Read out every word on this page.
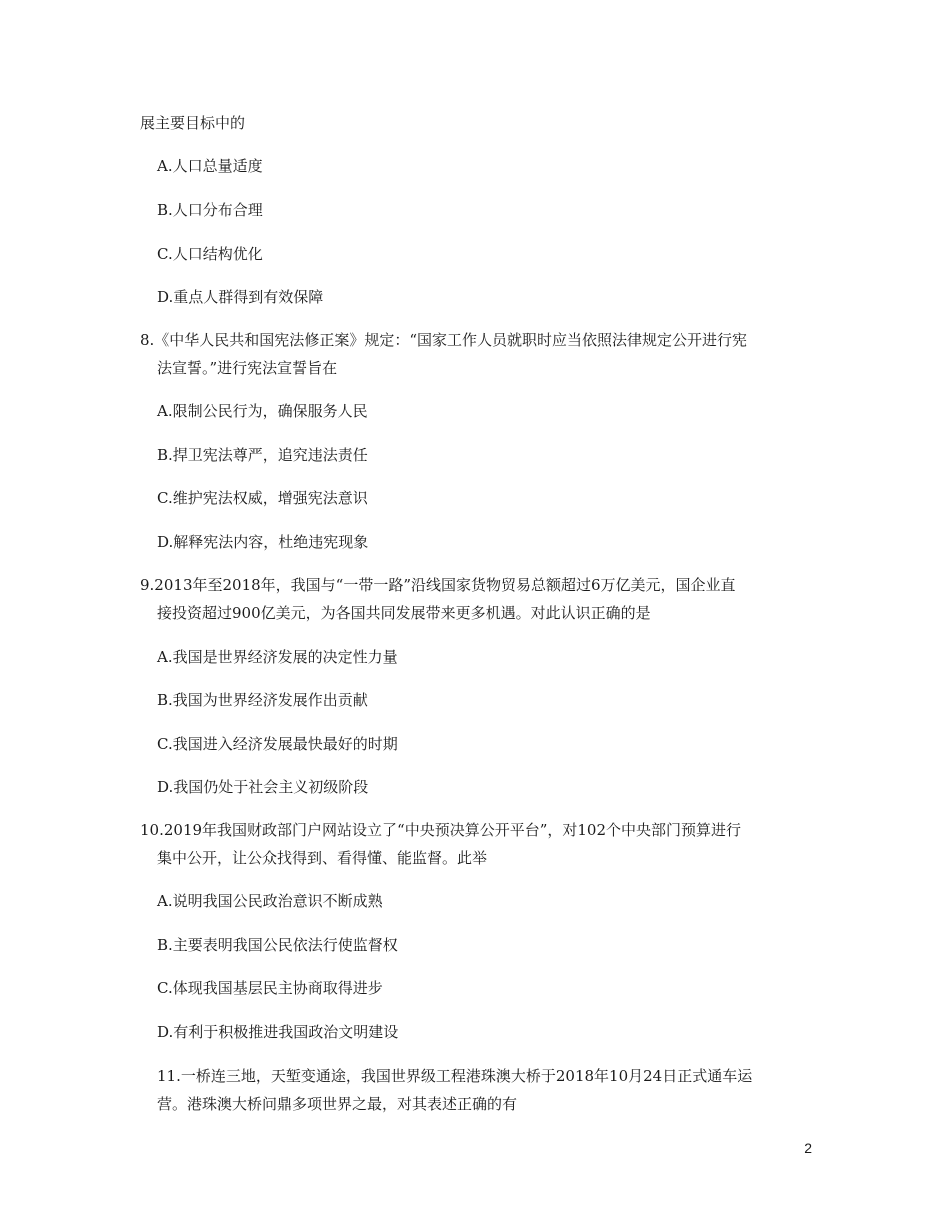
展主要目标中的
A.人口总量适度
B.人口分布合理
C.人口结构优化
D.重点人群得到有效保障
8.《中华人民共和国宪法修正案》规定：“国家工作人员就职时应当依照法律规定公开进行宪
法宣誓。”进行宪法宣誓旨在
A.限制公民行为，确保服务人民
B.捍卫宪法尊严，追究违法责任
C.维护宪法权威，增强宪法意识
D.解释宪法内容，杜绝违宪现象
9.2013年至2018年，我国与“一带一路”沿线国家货物贸易总额超过6万亿美元，国企业直
接投资超过900亿美元，为各国共同发展带来更多机遇。对此认识正确的是
A.我国是世界经济发展的决定性力量
B.我国为世界经济发展作出贡献
C.我国进入经济发展最快最好的时期
D.我国仍处于社会主义初级阶段
10.2019年我国财政部门户网站设立了“中央预决算公开平台”，对102个中央部门预算进行
集中公开，让公众找得到、看得懂、能监督。此举
A.说明我国公民政治意识不断成熟
B.主要表明我国公民依法行使监督权
C.体现我国基层民主协商取得进步
D.有利于积极推进我国政治文明建设
11.一桥连三地，天堑变通途，我国世界级工程港珠澳大桥于2018年10月24日正式通车运
营。港珠澳大桥问鼎多项世界之最，对其表述正确的有
2
